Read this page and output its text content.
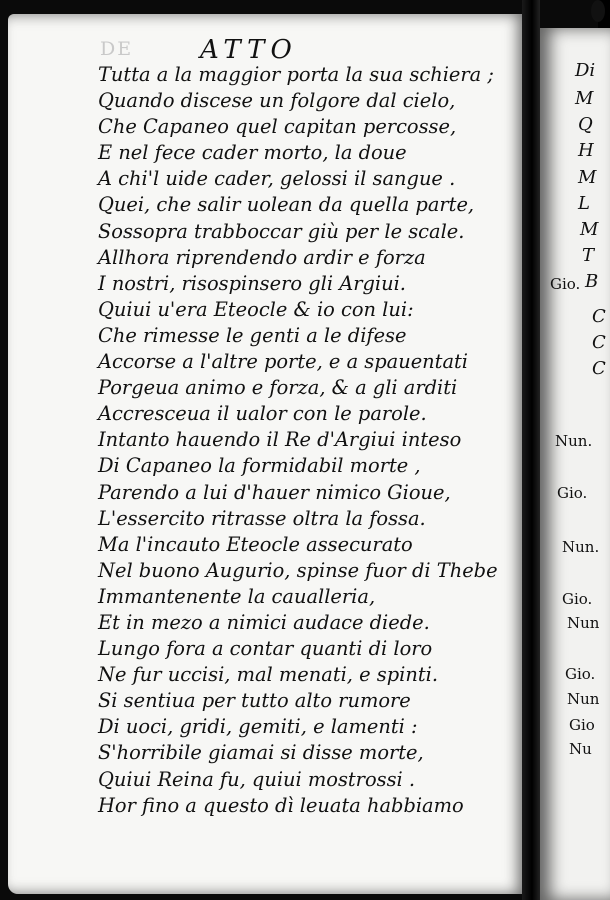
DE	ATTO
Tutta a la maggior porta la sua schiera ;
Quando discese un folgore dal cielo,
Che Capaneo quel capitan percosse,
E nel fece cader morto, la doue
A chi'l uide cader, gelossi il sangue .
Quei, che salir uolean da quella parte,
Sossopra trabboccar giù per le scale.
Allhora riprendendo ardir e forza
I nostri, risospinsero gli Argiui.
Quiui u'era Eteocle & io con lui:
Che rimesse le genti a le difese
Accorse a l'altre porte, e a spauentati
Porgeua animo e forza, & a gli arditi
Accresceua il ualor con le parole.
Intanto hauendo il Re d'Argiui inteso
Di Capaneo la formidabil morte ,
Parendo a lui d'hauer nimico Gioue,
L'essercito ritrasse oltra la fossa.
Ma l'incauto Eteocle assecurato
Nel buono Augurio, spinse fuor di Thebe
Immantenente la caualleria,
Et in mezo a nimici audace diede.
Lungo fora a contar quanti di loro
Ne fur uccisi, mal menati, e spinti.
Si sentiua per tutto alto rumore
Di uoci, gridi, gemiti, e lamenti :
S'horribile giamai si disse morte,
Quiui Reina fu, quiui mostrossi .
Hor fino a questo dì leuata habbiamo
Di
M
Q
H
M
L
M
T
B
C
C
C
Gio.
Nun.
Gio.
Nun.
Gio.
Nun
Gio.
Nun
Gio
Nu
